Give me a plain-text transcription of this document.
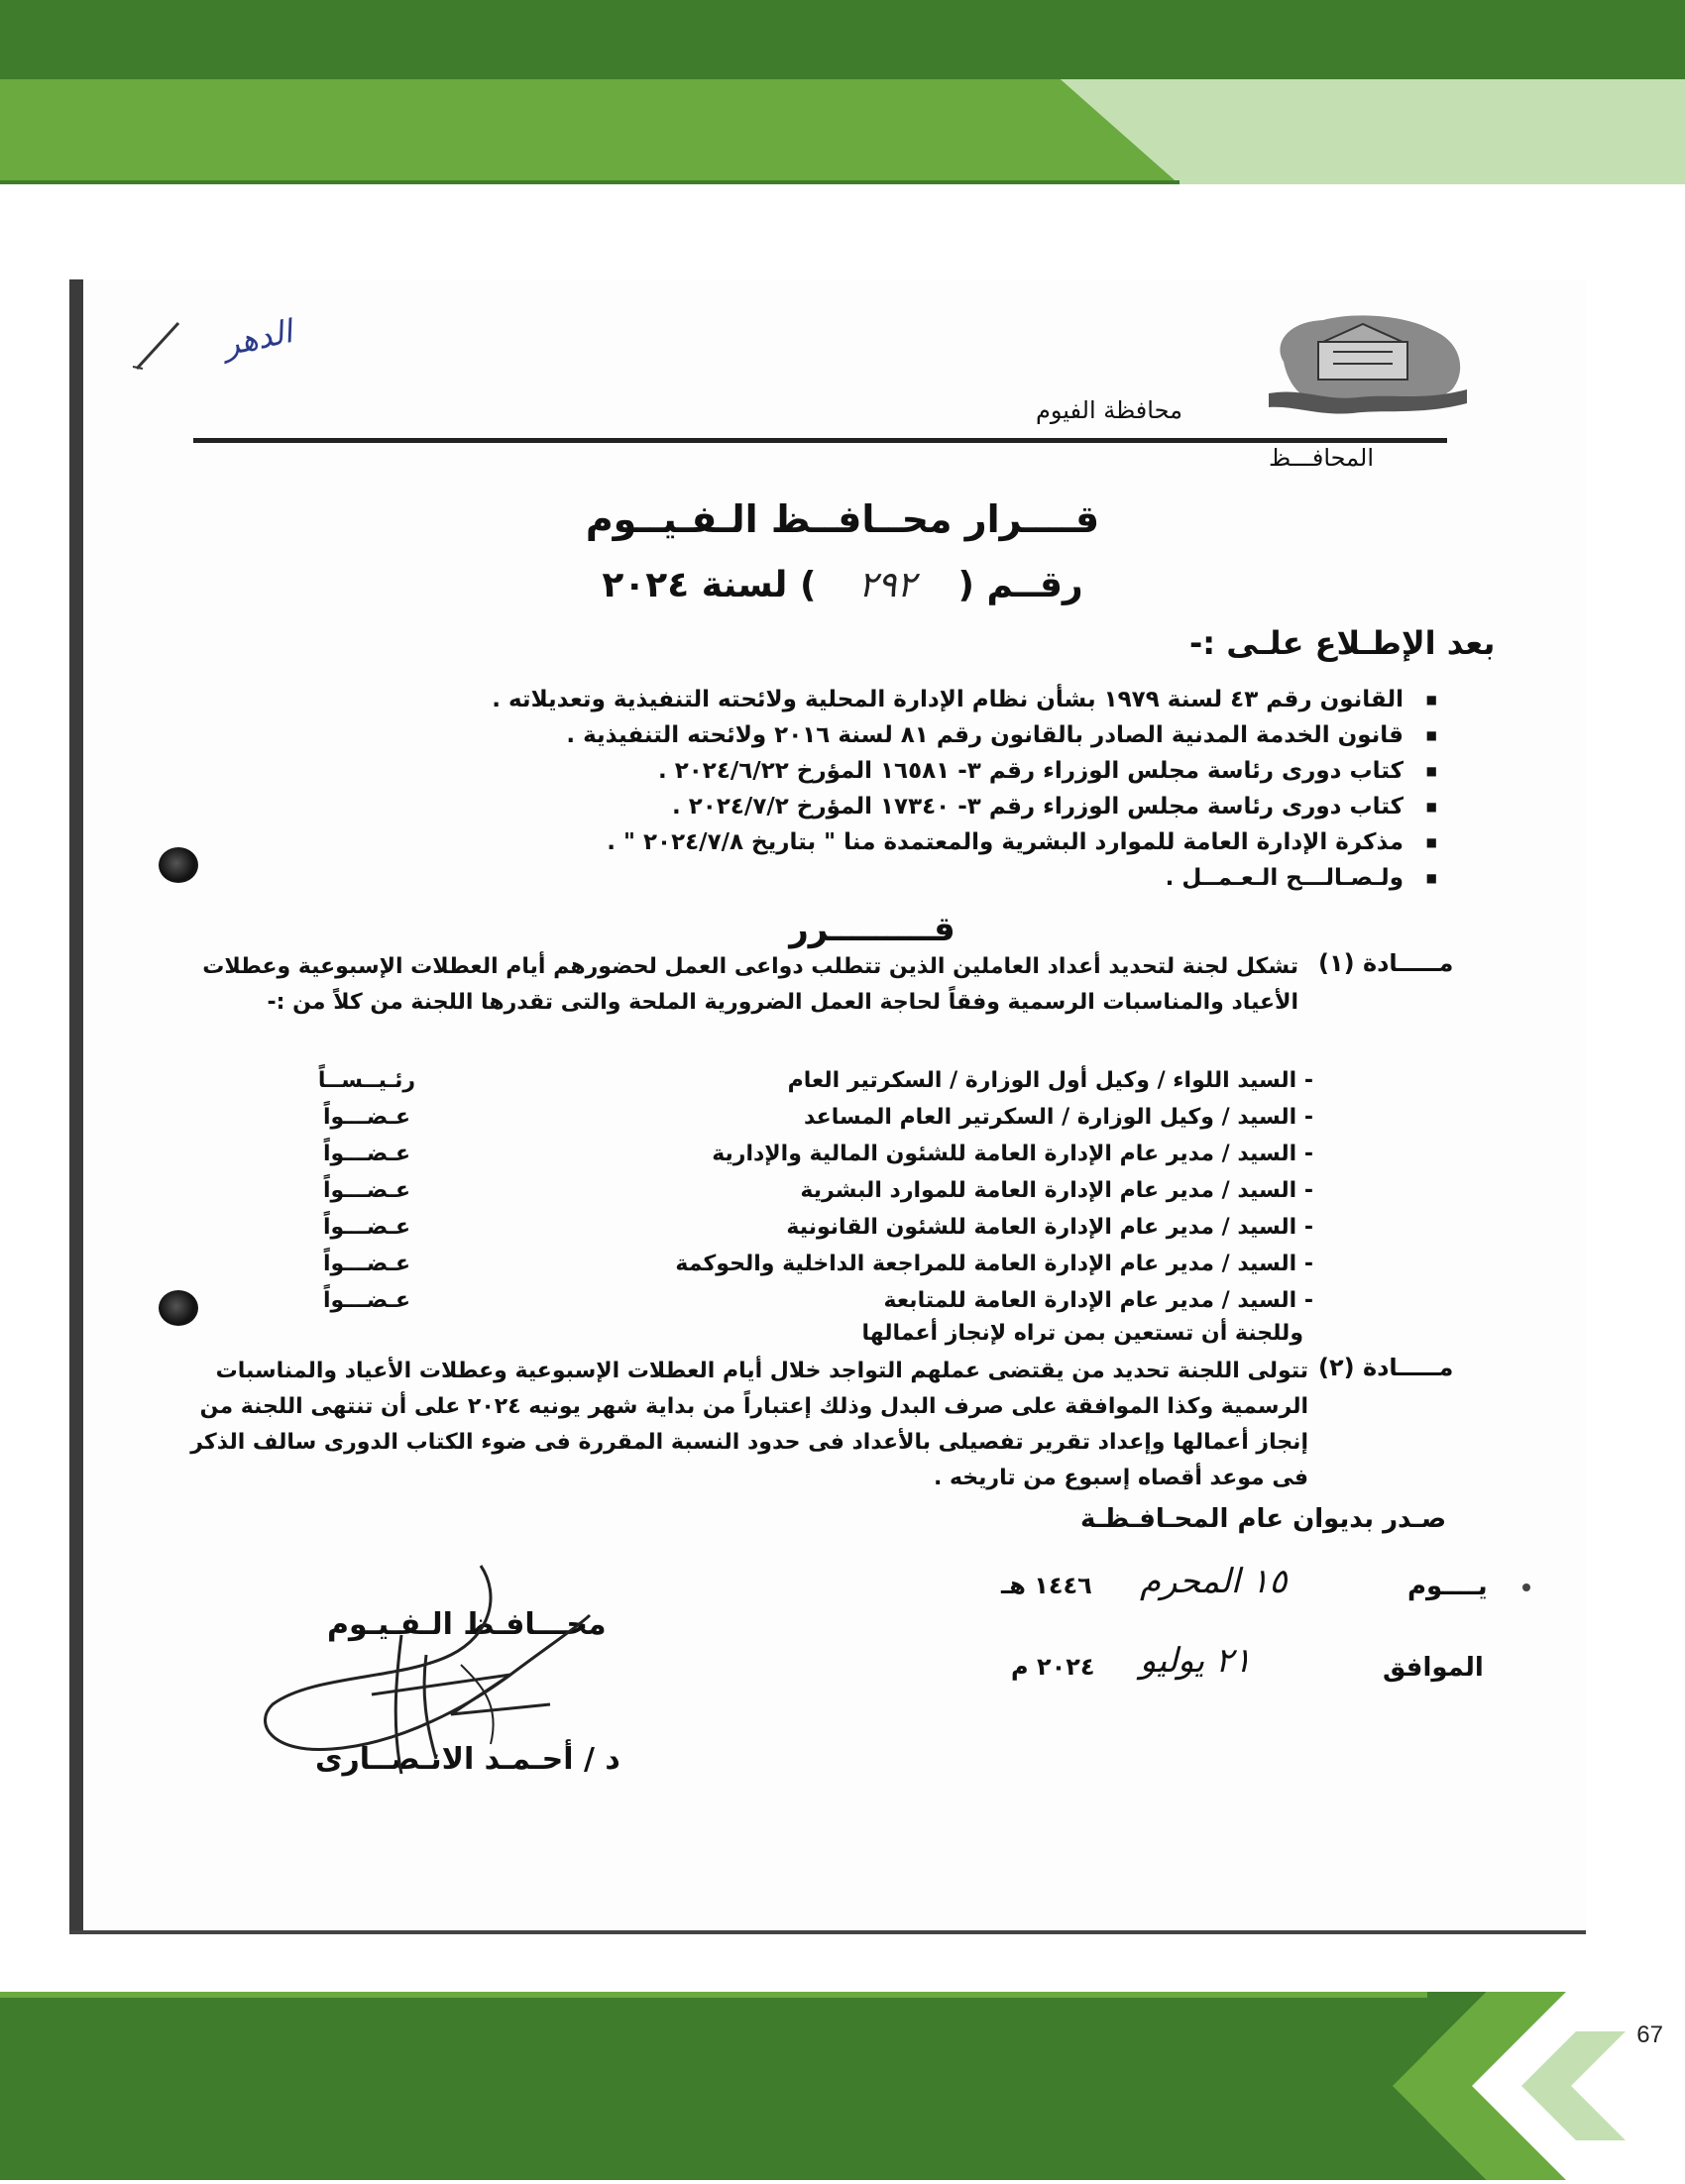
الدهر
محافظة الفيوم
المحافـــظ
قــــرار محــافــظ الـفـيــوم
رقــم ( ٢٩٢ ) لسنة ٢٠٢٤
بعد الإطـلاع علـى :-
■ القانون رقم ٤٣ لسنة ١٩٧٩ بشأن نظام الإدارة المحلية ولائحته التنفيذية وتعديلاته .
■ قانون الخدمة المدنية الصادر بالقانون رقم ٨١ لسنة ٢٠١٦ ولائحته التنفيذية .
■ كتاب دورى رئاسة مجلس الوزراء رقم ٣- ١٦٥٨١ المؤرخ ٢٠٢٤/٦/٢٢ .
■ كتاب دورى رئاسة مجلس الوزراء رقم ٣- ١٧٣٤٠ المؤرخ ٢٠٢٤/٧/٢ .
■ مذكرة الإدارة العامة للموارد البشرية والمعتمدة منا " بتاريخ ٢٠٢٤/٧/٨ " .
■ ولـصـالـــح الـعـمــل .
قـــــــــرر
مـــــادة (١)
تشكل لجنة لتحديد أعداد العاملين الذين تتطلب دواعى العمل لحضورهم أيام العطلات الإسبوعية وعطلات الأعياد والمناسبات الرسمية وفقاً لحاجة العمل الضرورية الملحة والتى تقدرها اللجنة من كلاً من :-
- السيد اللواء / وكيل أول الوزارة / السكرتير العام
رئـيــســاً
- السيد / وكيل الوزارة / السكرتير العام المساعد
عـضـــواً
- السيد / مدير عام الإدارة العامة للشئون المالية والإدارية
عـضـــواً
- السيد / مدير عام الإدارة العامة للموارد البشرية
عـضـــواً
- السيد / مدير عام الإدارة العامة للشئون القانونية
عـضـــواً
- السيد / مدير عام الإدارة العامة للمراجعة الداخلية والحوكمة
عـضـــواً
- السيد / مدير عام الإدارة العامة للمتابعة
عـضـــواً
وللجنة أن تستعين بمن تراه لإنجاز أعمالها
مـــــادة (٢)
تتولى اللجنة تحديد من يقتضى عملهم التواجد خلال أيام العطلات الإسبوعية وعطلات الأعياد والمناسبات الرسمية وكذا الموافقة على صرف البدل وذلك إعتباراً من بداية شهر يونيه ٢٠٢٤ على أن تنتهى اللجنة من إنجاز أعمالها وإعداد تقرير تفصيلى بالأعداد فى حدود النسبة المقررة فى ضوء الكتاب الدورى سالف الذكر فى موعد أقصاه إسبوع من تاريخه .
صـدر بديوان عام المحـافـظـة
يــــوم
١٥ المحرم
١٤٤٦ هـ
الموافق
٢١ يوليو
٢٠٢٤ م
محـــافـظ الـفـيـوم
د / أحـمـد الانـصــارى
67
